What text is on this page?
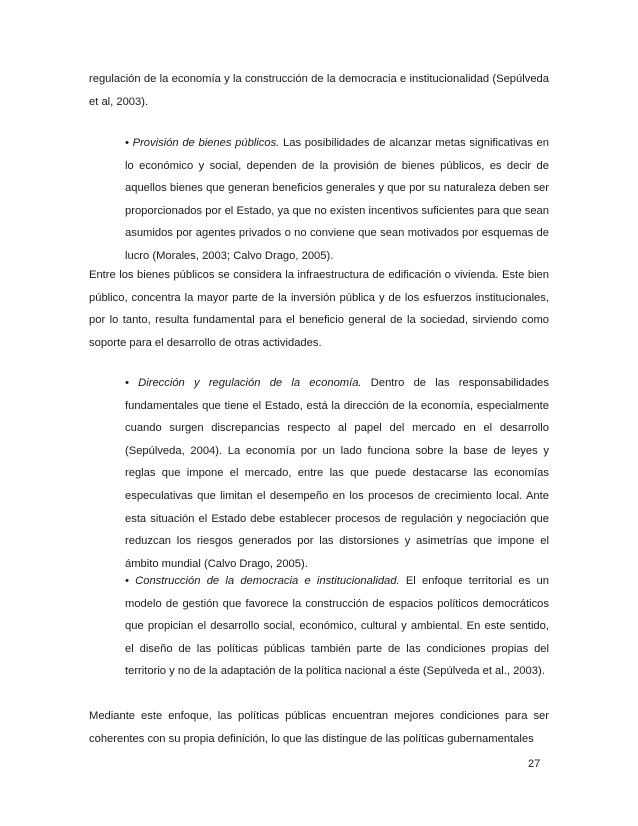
regulación de la economía y la construcción de la democracia e institucionalidad (Sepúlveda et al, 2003).

• Provisión de bienes públicos. Las posibilidades de alcanzar metas significativas en lo económico y social, dependen de la provisión de bienes públicos, es decir de aquellos bienes que generan beneficios generales y que por su naturaleza deben ser proporcionados por el Estado, ya que no existen incentivos suficientes para que sean asumidos por agentes privados o no conviene que sean motivados por esquemas de lucro (Morales, 2003; Calvo Drago, 2005).

Entre los bienes públicos se considera la infraestructura de edificación o vivienda. Este bien público, concentra la mayor parte de la inversión pública y de los esfuerzos institucionales, por lo tanto, resulta fundamental para el beneficio general de la sociedad, sirviendo como soporte para el desarrollo de otras actividades.

• Dirección y regulación de la economía. Dentro de las responsabilidades fundamentales que tiene el Estado, está la dirección de la economía, especialmente cuando surgen discrepancias respecto al papel del mercado en el desarrollo (Sepúlveda, 2004). La economía por un lado funciona sobre la base de leyes y reglas que impone el mercado, entre las que puede destacarse las economías especulativas que limitan el desempeño en los procesos de crecimiento local. Ante esta situación el Estado debe establecer procesos de regulación y negociación que reduzcan los riesgos generados por las distorsiones y asimetrías que impone el ámbito mundial (Calvo Drago, 2005).

• Construcción de la democracia e institucionalidad. El enfoque territorial es un modelo de gestión que favorece la construcción de espacios políticos democráticos que propician el desarrollo social, económico, cultural y ambiental. En este sentido, el diseño de las políticas públicas también parte de las condiciones propias del territorio y no de la adaptación de la política nacional a éste (Sepúlveda et al., 2003).

Mediante este enfoque, las políticas públicas encuentran mejores condiciones para ser coherentes con su propia definición, lo que las distingue de las políticas gubernamentales

27
